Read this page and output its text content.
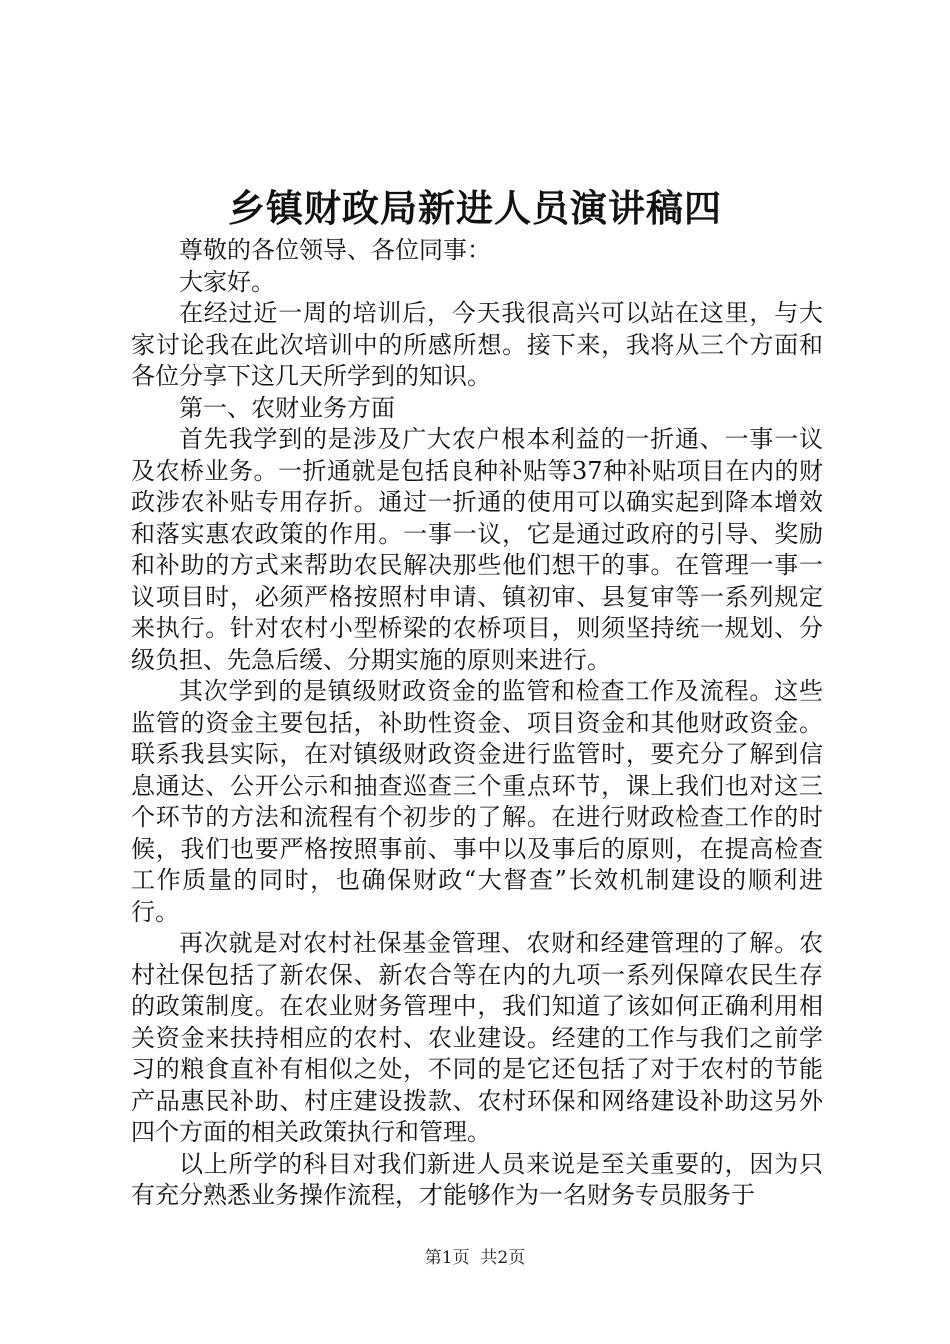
乡镇财政局新进人员演讲稿四

尊敬的各位领导、各位同事：

大家好。

在经过近一周的培训后，今天我很高兴可以站在这里，与大家讨论我在此次培训中的所感所想。接下来，我将从三个方面和各位分享下这几天所学到的知识。

第一、农财业务方面

首先我学到的是涉及广大农户根本利益的一折通、一事一议及农桥业务。一折通就是包括良种补贴等37种补贴项目在内的财政涉农补贴专用存折。通过一折通的使用可以确实起到降本增效和落实惠农政策的作用。一事一议，它是通过政府的引导、奖励和补助的方式来帮助农民解决那些他们想干的事。在管理一事一议项目时，必须严格按照村申请、镇初审、县复审等一系列规定来执行。针对农村小型桥梁的农桥项目，则须坚持统一规划、分级负担、先急后缓、分期实施的原则来进行。

其次学到的是镇级财政资金的监管和检查工作及流程。这些监管的资金主要包括，补助性资金、项目资金和其他财政资金。联系我县实际，在对镇级财政资金进行监管时，要充分了解到信息通达、公开公示和抽查巡查三个重点环节，课上我们也对这三个环节的方法和流程有个初步的了解。在进行财政检查工作的时候，我们也要严格按照事前、事中以及事后的原则，在提高检查工作质量的同时，也确保财政“大督查”长效机制建设的顺利进行。

再次就是对农村社保基金管理、农财和经建管理的了解。农村社保包括了新农保、新农合等在内的九项一系列保障农民生存的政策制度。在农业财务管理中，我们知道了该如何正确利用相关资金来扶持相应的农村、农业建设。经建的工作与我们之前学习的粮食直补有相似之处，不同的是它还包括了对于农村的节能产品惠民补助、村庄建设拨款、农村环保和网络建设补助这另外四个方面的相关政策执行和管理。

以上所学的科目对我们新进人员来说是至关重要的，因为只有充分熟悉业务操作流程，才能够作为一名财务专员服务于

第1页 共2页
